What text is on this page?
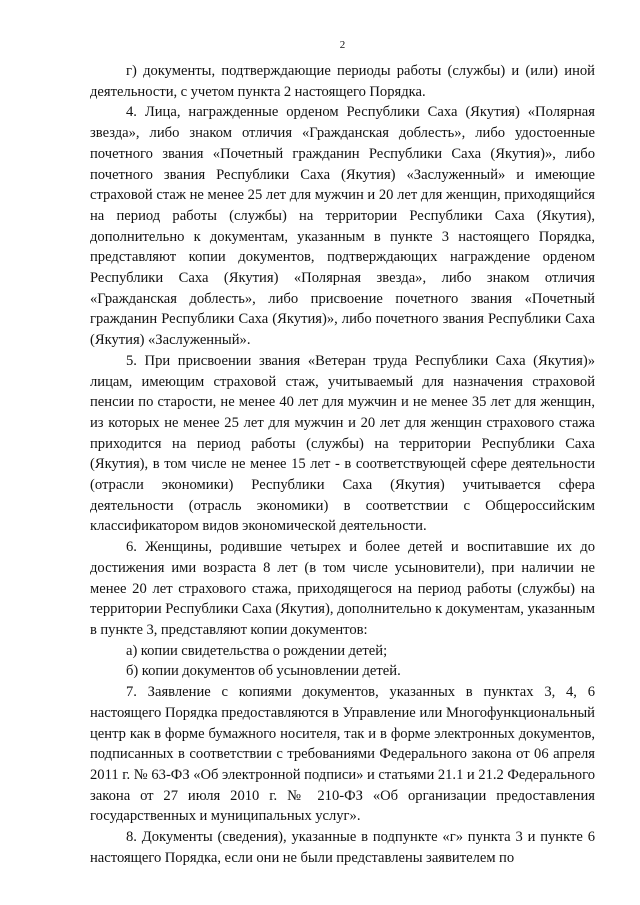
2

г) документы, подтверждающие периоды работы (службы) и (или) иной деятельности, с учетом пункта 2 настоящего Порядка.

4. Лица, награжденные орденом Республики Саха (Якутия) «Полярная звезда», либо знаком отличия «Гражданская доблесть», либо удостоенные почетного звания «Почетный гражданин Республики Саха (Якутия)», либо почетного звания Республики Саха (Якутия) «Заслуженный» и имеющие страховой стаж не менее 25 лет для мужчин и 20 лет для женщин, приходящийся на период работы (службы) на территории Республики Саха (Якутия), дополнительно к документам, указанным в пункте 3 настоящего Порядка, представляют копии документов, подтверждающих награждение орденом Республики Саха (Якутия) «Полярная звезда», либо знаком отличия «Гражданская доблесть», либо присвоение почетного звания «Почетный гражданин Республики Саха (Якутия)», либо почетного звания Республики Саха (Якутия) «Заслуженный».

5. При присвоении звания «Ветеран труда Республики Саха (Якутия)» лицам, имеющим страховой стаж, учитываемый для назначения страховой пенсии по старости, не менее 40 лет для мужчин и не менее 35 лет для женщин, из которых не менее 25 лет для мужчин и 20 лет для женщин страхового стажа приходится на период работы (службы) на территории Республики Саха (Якутия), в том числе не менее 15 лет - в соответствующей сфере деятельности (отрасли экономики) Республики Саха (Якутия) учитывается сфера деятельности (отрасль экономики) в соответствии с Общероссийским классификатором видов экономической деятельности.

6. Женщины, родившие четырех и более детей и воспитавшие их до достижения ими возраста 8 лет (в том числе усыновители), при наличии не менее 20 лет страхового стажа, приходящегося на период работы (службы) на территории Республики Саха (Якутия), дополнительно к документам, указанным в пункте 3, представляют копии документов:

а) копии свидетельства о рождении детей;

б) копии документов об усыновлении детей.

7. Заявление с копиями документов, указанных в пунктах 3, 4, 6 настоящего Порядка предоставляются в Управление или Многофункциональный центр как в форме бумажного носителя, так и в форме электронных документов, подписанных в соответствии с требованиями Федерального закона от 06 апреля 2011 г. № 63-ФЗ «Об электронной подписи» и статьями 21.1 и 21.2 Федерального закона от 27 июля 2010 г. № 210-ФЗ «Об организации предоставления государственных и муниципальных услуг».

8. Документы (сведения), указанные в подпункте «г» пункта 3 и пункте 6 настоящего Порядка, если они не были представлены заявителем по
